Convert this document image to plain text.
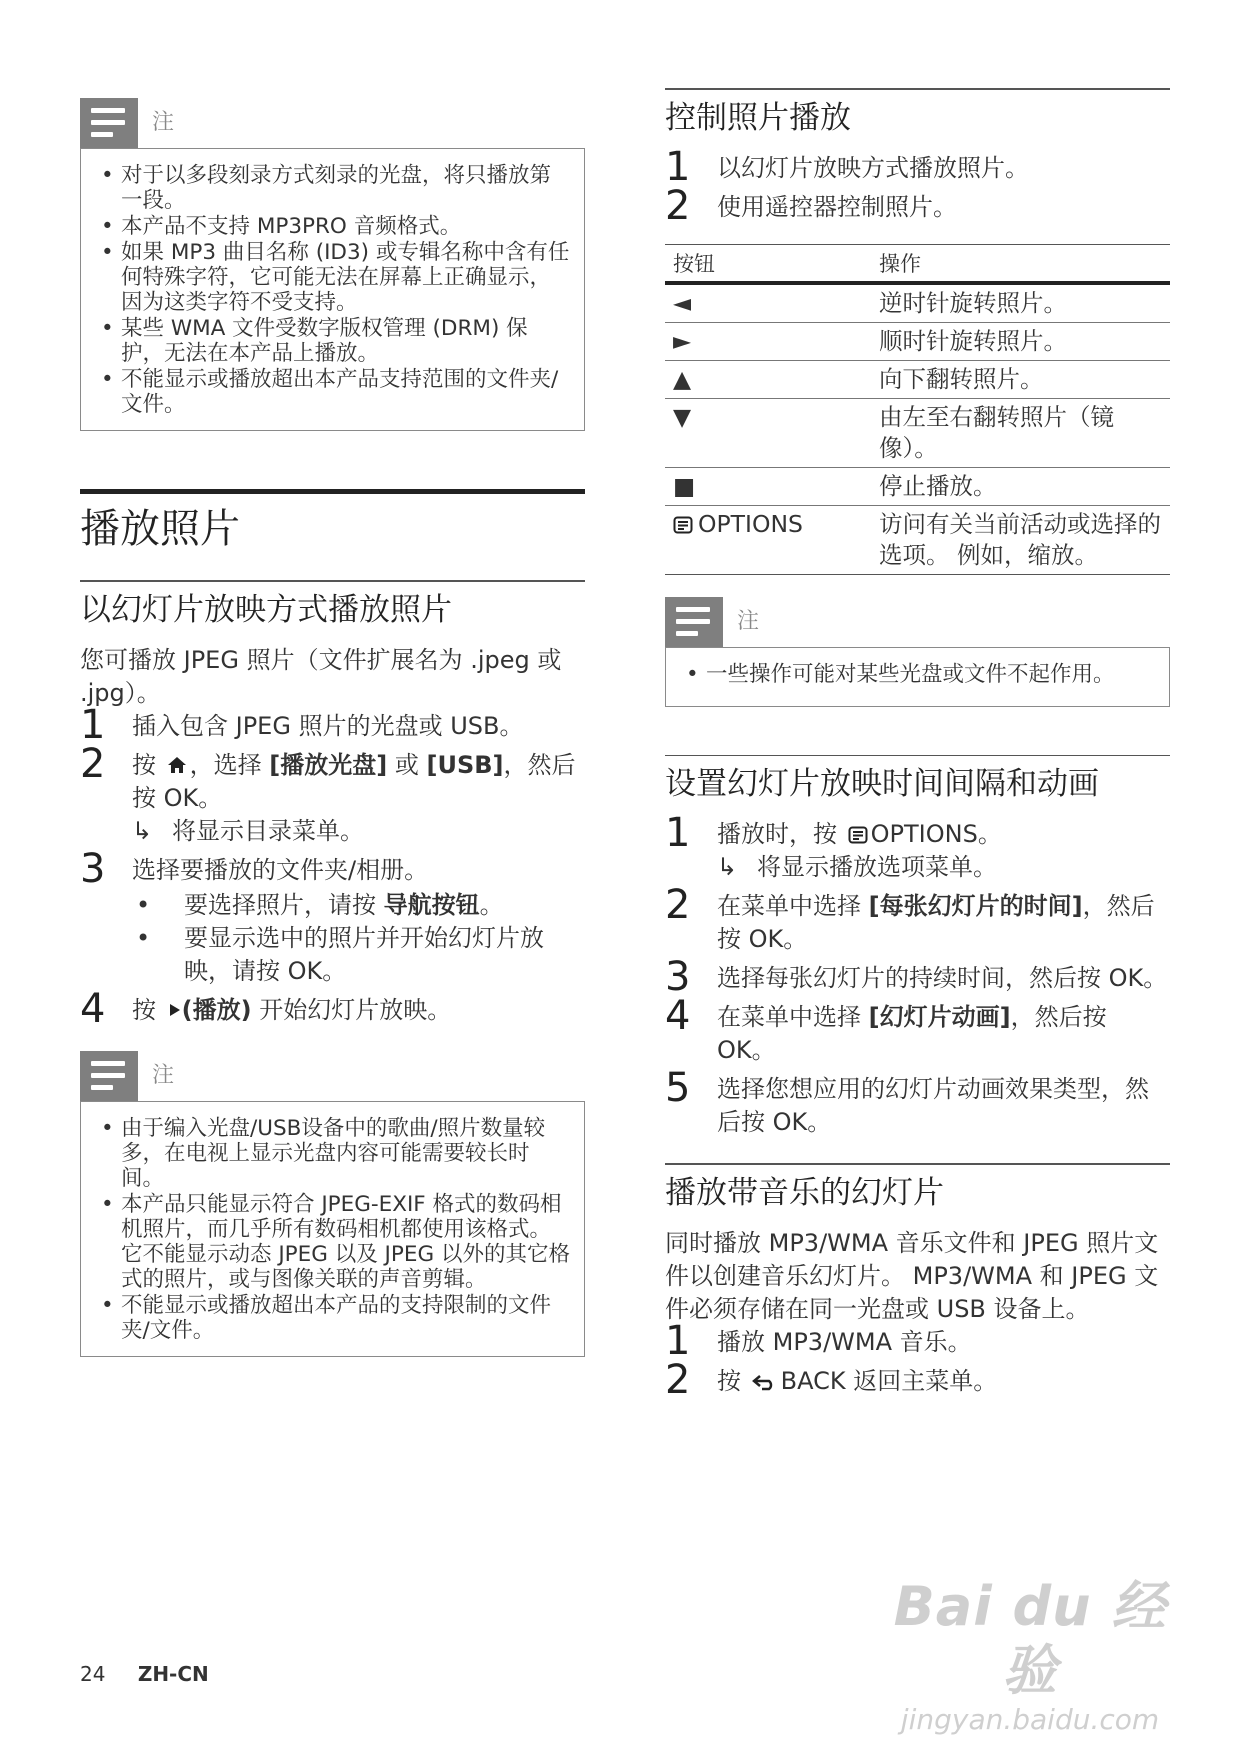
注
• 对于以多段刻录方式刻录的光盘，将只播放第一段。
• 本产品不支持 MP3PRO 音频格式。
• 如果 MP3 曲目名称 (ID3) 或专辑名称中含有任何特殊字符，它可能无法在屏幕上正确显示，因为这类字符不受支持。
• 某些 WMA 文件受数字版权管理 (DRM) 保护，无法在本产品上播放。
• 不能显示或播放超出本产品支持范围的文件夹/文件。
播放照片
以幻灯片放映方式播放照片
您可播放 JPEG 照片（文件扩展名为 .jpeg 或 .jpg）。
1 插入包含 JPEG 照片的光盘或 USB。
2 按 ，选择 [播放光盘] 或 [USB]，然后按 OK。
↳ 将显示目录菜单。
3 选择要播放的文件夹/相册。
• 要选择照片，请按 导航按钮。
• 要显示选中的照片并开始幻灯片放映，请按 OK。
4 按 (播放) 开始幻灯片放映。
注
• 由于编入光盘/USB设备中的歌曲/照片数量较多，在电视上显示光盘内容可能需要较长时间。
• 本产品只能显示符合 JPEG-EXIF 格式的数码相机照片，而几乎所有数码相机都使用该格式。 它不能显示动态 JPEG 以及 JPEG 以外的其它格式的照片，或与图像关联的声音剪辑。
• 不能显示或播放超出本产品的支持限制的文件夹/文件。
控制照片播放
1 以幻灯片放映方式播放照片。
2 使用遥控器控制照片。
按钮	操作
◄	逆时针旋转照片。
►	顺时针旋转照片。
▲	向下翻转照片。
▼	由左至右翻转照片（镜像）。
■	停止播放。
OPTIONS	访问有关当前活动或选择的选项。 例如，缩放。
注
• 一些操作可能对某些光盘或文件不起作用。
设置幻灯片放映时间间隔和动画
1 播放时，按 OPTIONS。
↳ 将显示播放选项菜单。
2 在菜单中选择 [每张幻灯片的时间]，然后按 OK。
3 选择每张幻灯片的持续时间，然后按 OK。
4 在菜单中选择 [幻灯片动画]，然后按 OK。
5 选择您想应用的幻灯片动画效果类型，然后按 OK。
播放带音乐的幻灯片
同时播放 MP3/WMA 音乐文件和 JPEG 照片文件以创建音乐幻灯片。 MP3/WMA 和 JPEG 文件必须存储在同一光盘或 USB 设备上。
1 播放 MP3/WMA 音乐。
2 按 BACK 返回主菜单。
24 ZH-CN
Bai du 经验
jingyan.baidu.com
